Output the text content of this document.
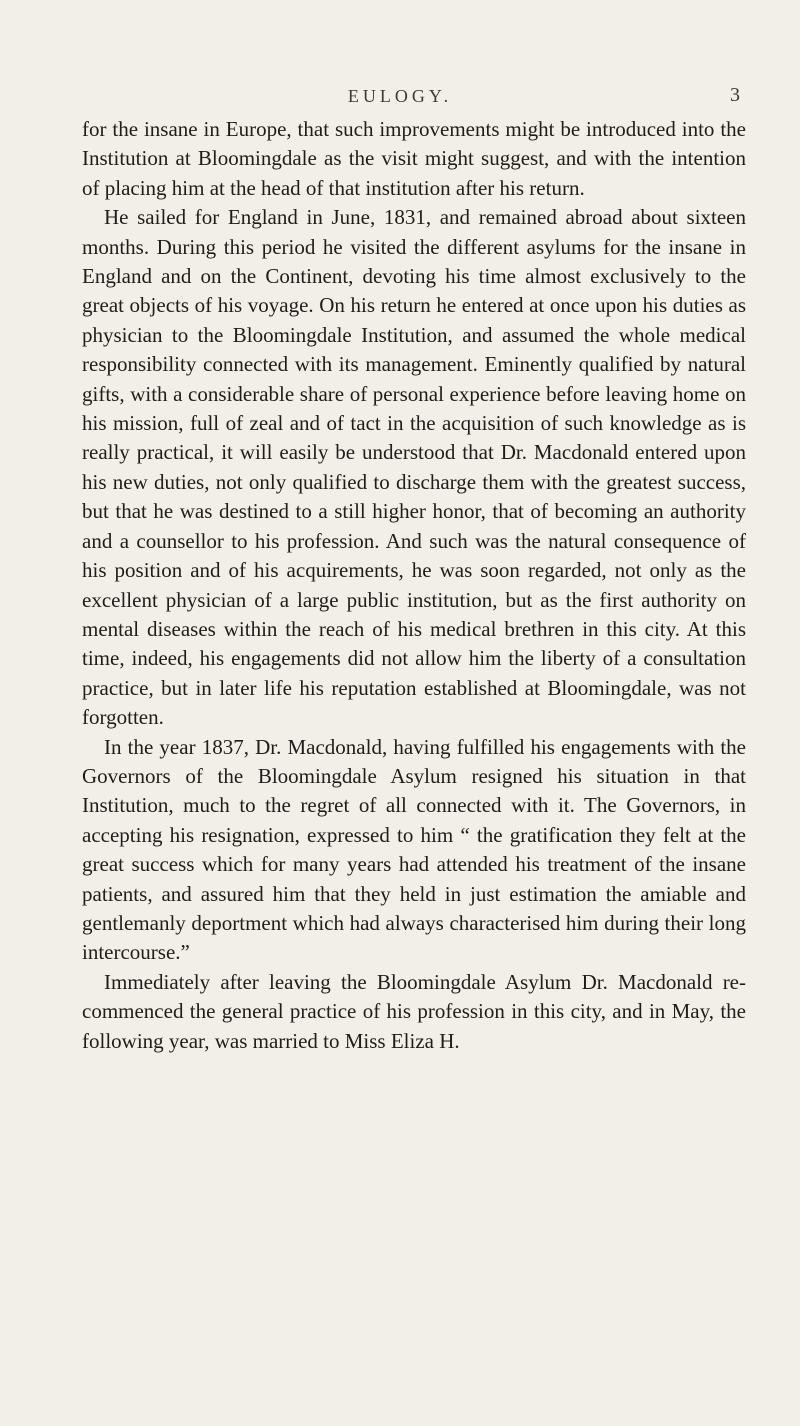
EULOGY.	3

for the insane in Europe, that such improvements might be introduced into the Institution at Bloomingdale as the visit might suggest, and with the intention of placing him at the head of that institution after his return.

He sailed for England in June, 1831, and remained abroad about sixteen months. During this period he visited the different asylums for the insane in England and on the Continent, devoting his time almost exclusively to the great objects of his voyage. On his return he entered at once upon his duties as physician to the Bloomingdale Institution, and assumed the whole medical responsibility connected with its management. Eminently qualified by natural gifts, with a considerable share of personal experience before leaving home on his mission, full of zeal and of tact in the acquisition of such knowledge as is really practical, it will easily be understood that Dr. Macdonald entered upon his new duties, not only qualified to discharge them with the greatest success, but that he was destined to a still higher honor, that of becoming an authority and a counsellor to his profession. And such was the natural consequence of his position and of his acquirements, he was soon regarded, not only as the excellent physician of a large public institution, but as the first authority on mental diseases within the reach of his medical brethren in this city. At this time, indeed, his engagements did not allow him the liberty of a consultation practice, but in later life his reputation established at Bloomingdale, was not forgotten.

In the year 1837, Dr. Macdonald, having fulfilled his engagements with the Governors of the Bloomingdale Asylum resigned his situation in that Institution, much to the regret of all connected with it. The Governors, in accepting his resignation, expressed to him “ the gratification they felt at the great success which for many years had attended his treatment of the insane patients, and assured him that they held in just estimation the amiable and gentlemanly deportment which had always characterised him during their long intercourse.”

Immediately after leaving the Bloomingdale Asylum Dr. Macdonald re-commenced the general practice of his profession in this city, and in May, the following year, was married to Miss Eliza H.
